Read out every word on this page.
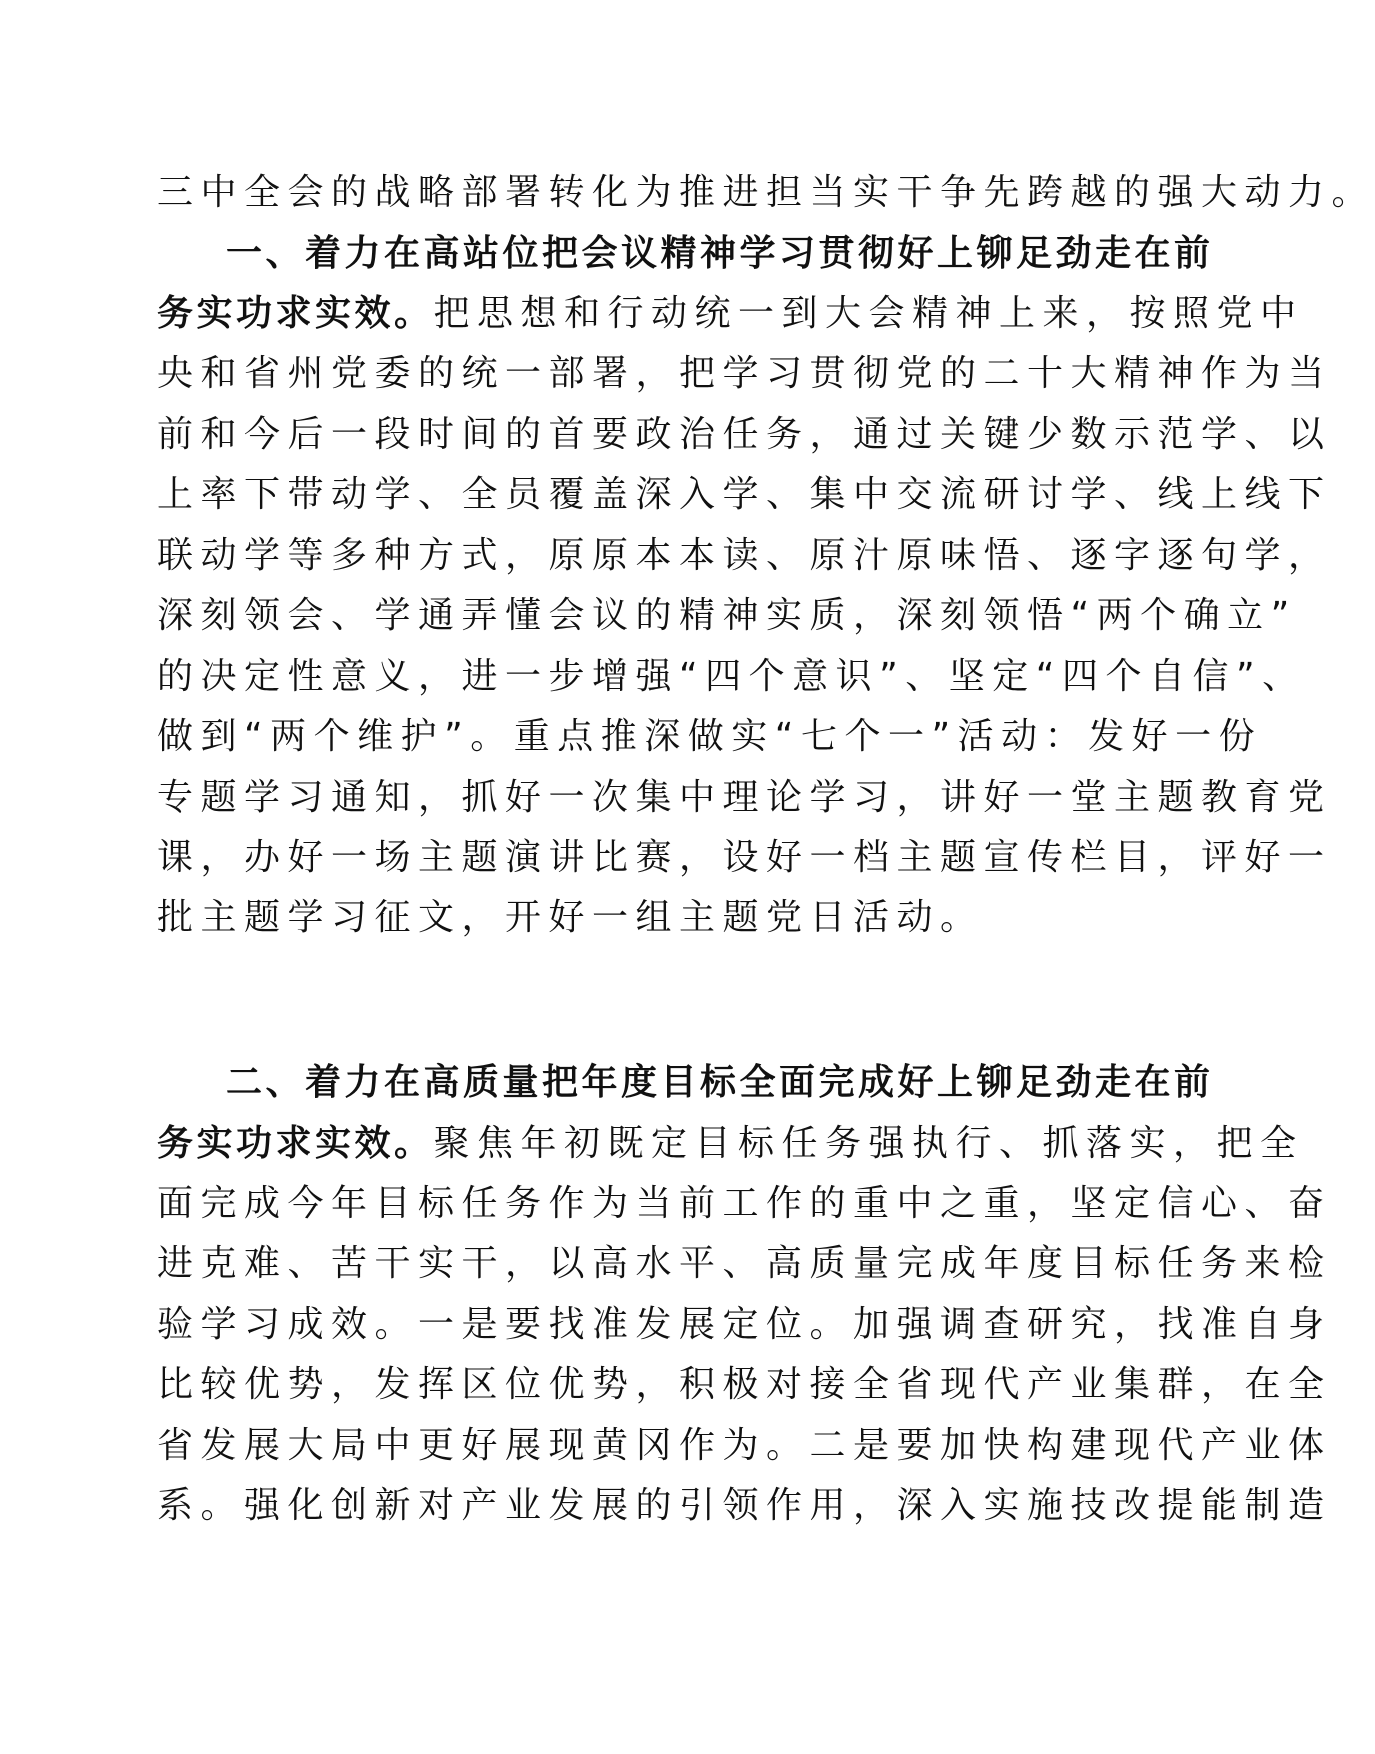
三中全会的战略部署转化为推进担当实干争先跨越的强大动力。
一、着力在高站位把会议精神学习贯彻好上铆足劲走在前
务实功求实效。把思想和行动统一到大会精神上来，按照党中
央和省州党委的统一部署，把学习贯彻党的二十大精神作为当
前和今后一段时间的首要政治任务，通过关键少数示范学、以
上率下带动学、全员覆盖深入学、集中交流研讨学、线上线下
联动学等多种方式，原原本本读、原汁原味悟、逐字逐句学，
深刻领会、学通弄懂会议的精神实质，深刻领悟“两个确立”
的决定性意义，进一步增强“四个意识”、坚定“四个自信”、
做到“两个维护”。重点推深做实“七个一”活动：发好一份
专题学习通知，抓好一次集中理论学习，讲好一堂主题教育党
课，办好一场主题演讲比赛，设好一档主题宣传栏目，评好一
批主题学习征文，开好一组主题党日活动。
二、着力在高质量把年度目标全面完成好上铆足劲走在前
务实功求实效。聚焦年初既定目标任务强执行、抓落实，把全
面完成今年目标任务作为当前工作的重中之重，坚定信心、奋
进克难、苦干实干，以高水平、高质量完成年度目标任务来检
验学习成效。一是要找准发展定位。加强调查研究，找准自身
比较优势，发挥区位优势，积极对接全省现代产业集群，在全
省发展大局中更好展现黄冈作为。二是要加快构建现代产业体
系。强化创新对产业发展的引领作用，深入实施技改提能制造
